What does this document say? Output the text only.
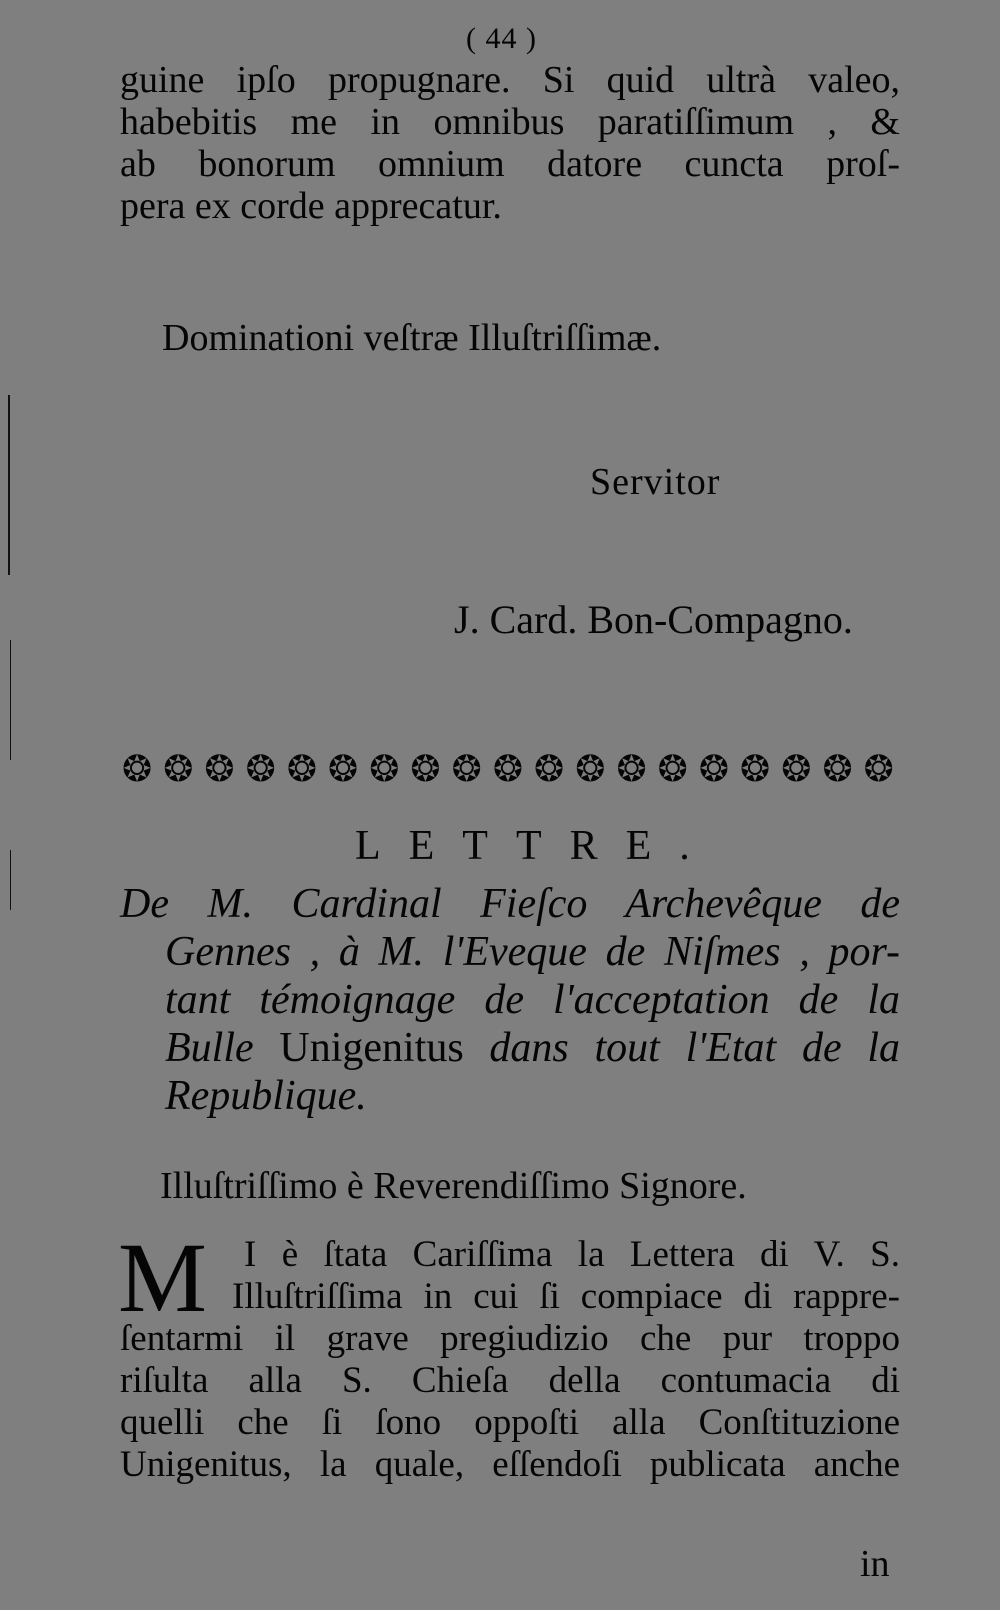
( 44 )
guine ipſo propugnare. Si quid ultrà valeo,
habebitis me in omnibus paratiſſimum , &
ab bonorum omnium datore cuncta proſ-
pera ex corde apprecatur.
Dominationi veſtræ Illuſtriſſimæ.
Servitor
J. Card. Bon-Compagno.
❂ ❂ ❂ ❂ ❂ ❂ ❂ ❂ ❂ ❂ ❂ ❂ ❂ ❂ ❂ ❂ ❂ ❂ ❂
LETTRE.
De M. Cardinal Fieſco Archevêque de
Gennes , à M. l'Eveque de Niſmes , por-
tant témoignage de l'acceptation de la
Bulle Unigenitus dans tout l'Etat de la
Republique.
Illuſtriſſimo è Reverendiſſimo Signore.
M I è ſtata Cariſſima la Lettera di V. S.
Illuſtriſſima in cui ſi compiace di rappre-
ſentarmi il grave pregiudizio che pur troppo
riſulta alla S. Chieſa della contumacia di
quelli che ſi ſono oppoſti alla Conſtituzione
Unigenitus, la quale, eſſendoſi publicata anche
in
